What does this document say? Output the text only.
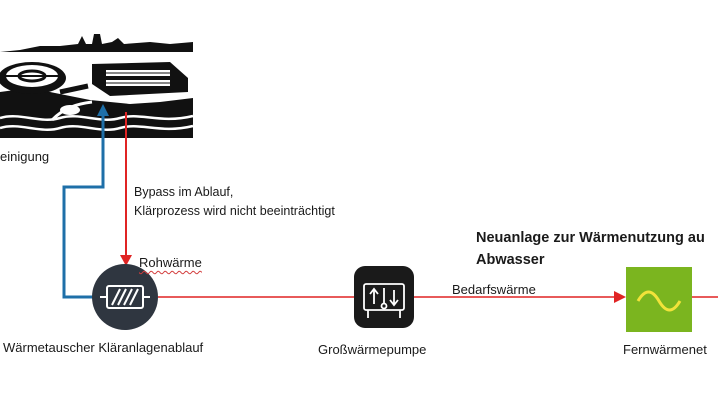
einigung
Bypass im Ablauf,
Klärprozess wird nicht beeinträchtigt
Rohwärme
Neuanlage zur Wärmenutzung au
Abwasser
Bedarfswärme
Wärmetauscher Kläranlagenablauf	Großwärmepumpe	Fernwärmenet
